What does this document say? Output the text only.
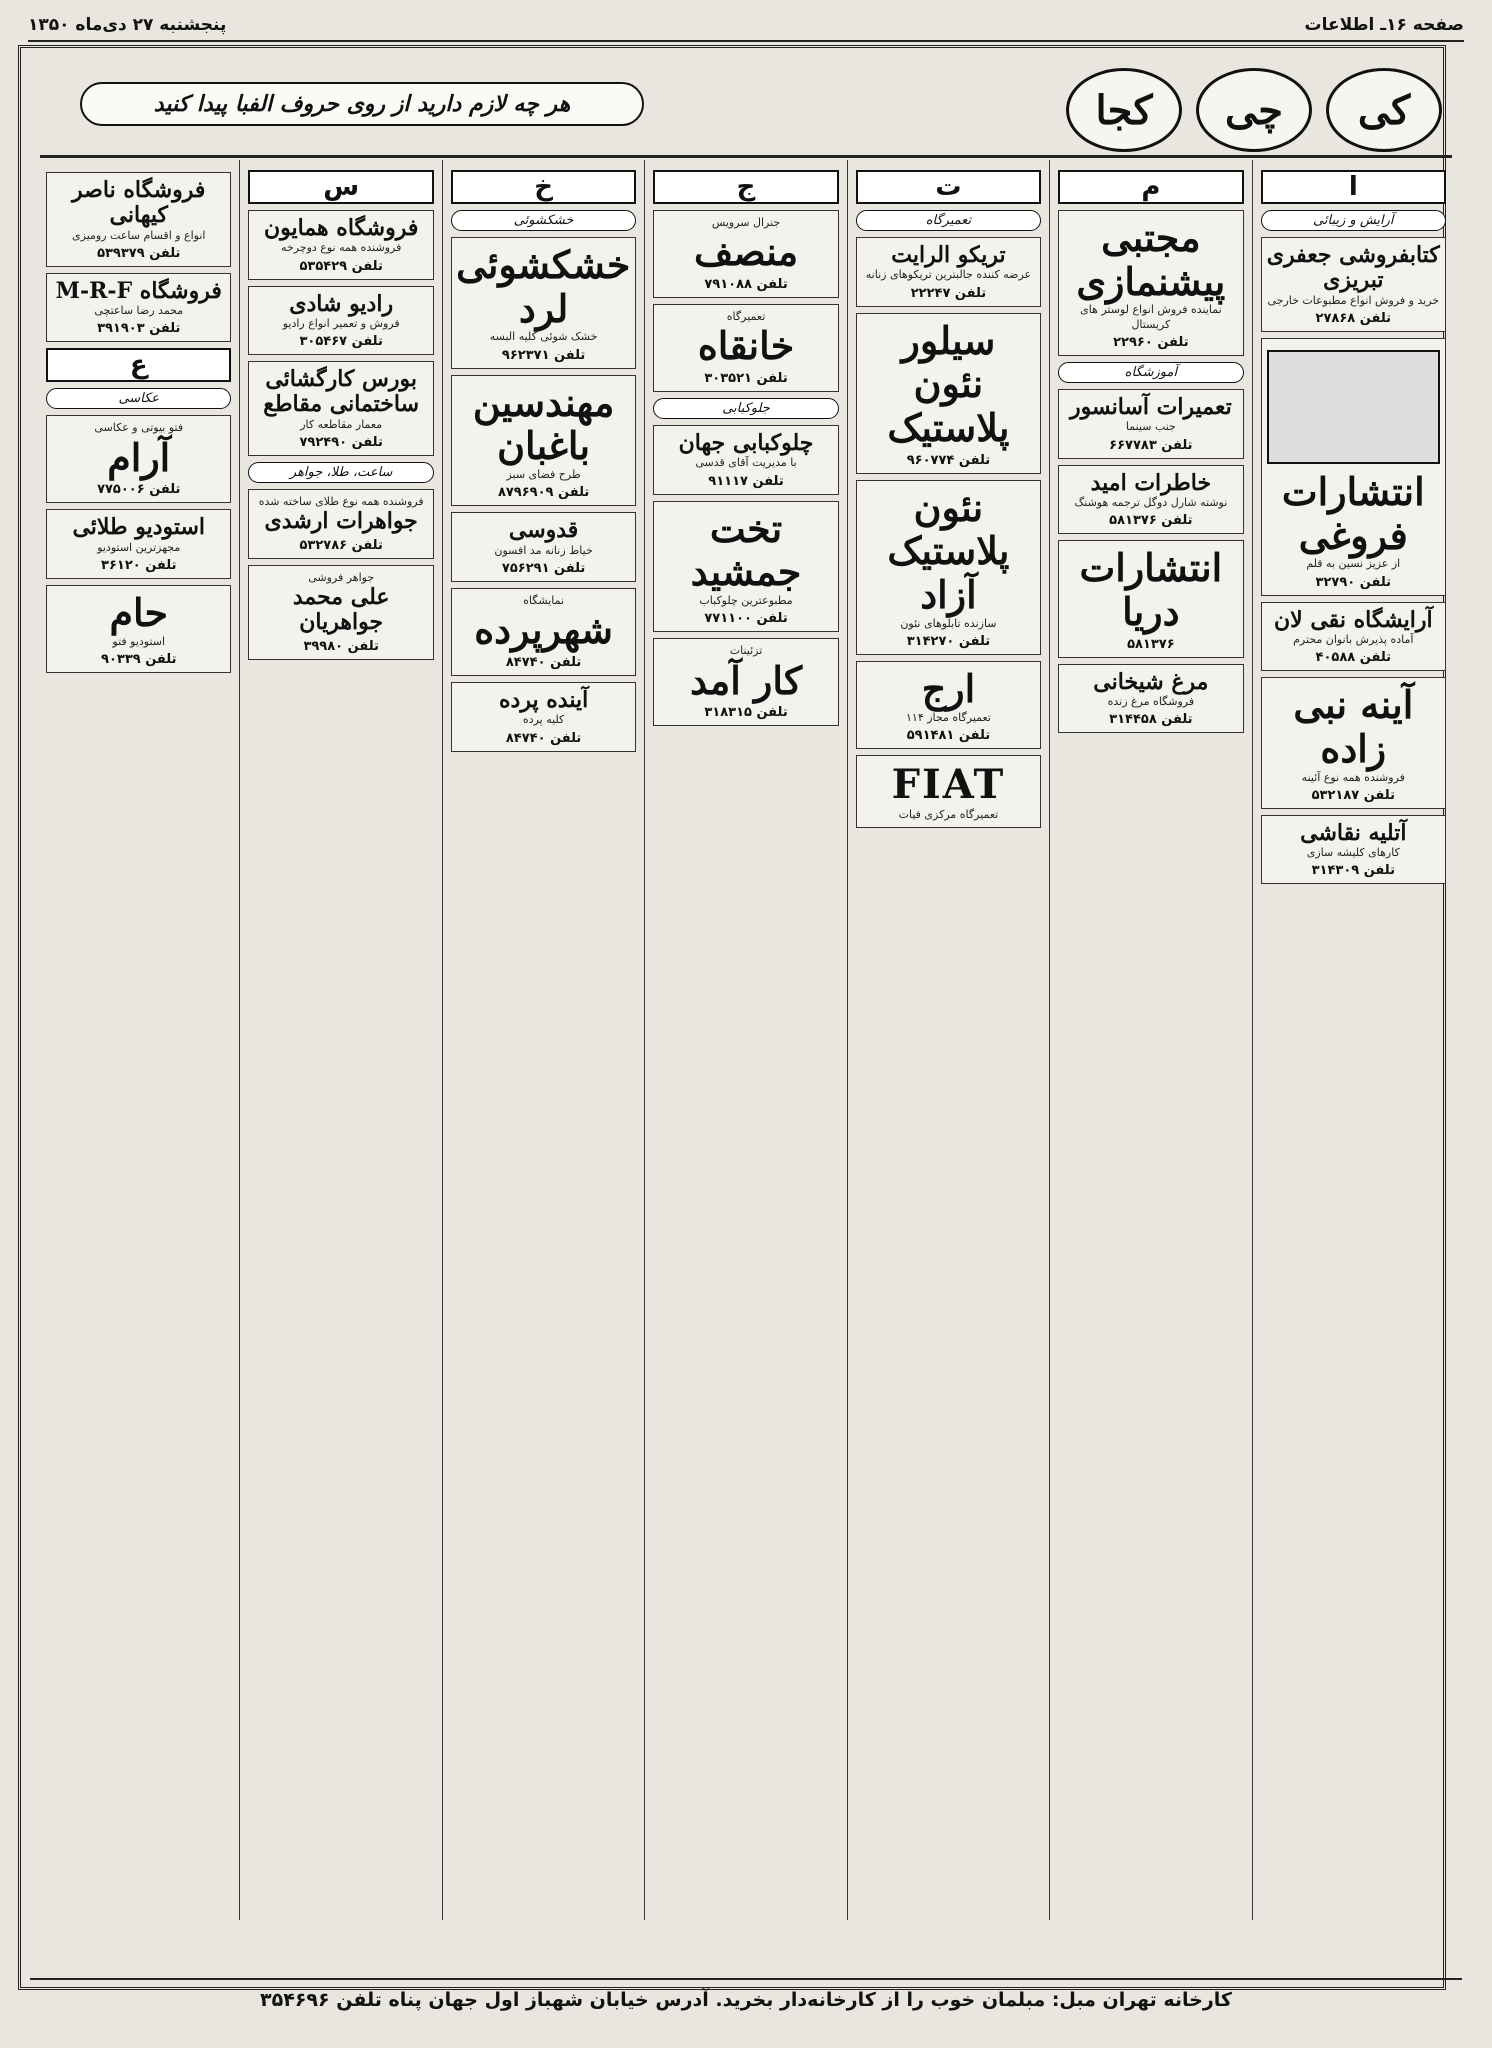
صفحه ۱۶ـ اطلاعات
پنجشنبه ۲۷ دی‌ماه ۱۳۵۰
کی
چی
کجا
هر چه لازم دارید از روی حروف الفبا پیدا کنید
ا
آرایش و زیبائی
کتابفروشی جعفری تبریزی
خرید و فروش انواع مطبوعات خارجی
تلفن ۲۷۸۶۸
انتشارات فروغی
از عزیز نسین به قلم
تلفن ۳۲۷۹۰
آرایشگاه نقی لان
آماده پذیرش بانوان محترم
تلفن ۴۰۵۸۸
آینه نبی زاده
فروشنده همه نوع آئینه
تلفن ۵۳۲۱۸۷
آتلیه نقاشی
کارهای کلیشه سازی
تلفن ۳۱۴۳۰۹
م
مجتبی پیشنمازی
نماینده فروش انواع لوستر های کریستال
تلفن ۲۲۹۶۰
آموزشگاه
تعمیرات آسانسور
جنب سینما
تلفن ۶۶۷۷۸۳
خاطرات امید
نوشته شارل دوگل ترجمه هوشنگ
تلفن ۵۸۱۳۷۶
انتشارات دریا
۵۸۱۳۷۶
مرغ شیخانی
فروشگاه مرغ زنده
تلفن ۳۱۴۴۵۸
ت
تعمیرگاه
تریکو الرایت
عرضه کننده جالبترین تریکوهای زنانه
تلفن ۲۲۲۴۷
سیلور نئون پلاستیک
تلفن ۹۶۰۷۷۴
نئون پلاستیک آزاد
سازنده تابلوهای نئون
تلفن ۳۱۴۲۷۰
ارج
تعمیرگاه مجاز ۱۱۴
تلفن ۵۹۱۴۸۱
FIAT
تعمیرگاه مرکزی فیات
ج
جنرال سرویس
منصف
تلفن ۷۹۱۰۸۸
تعمیرگاه
خانقاه
تلفن ۳۰۳۵۲۱
جلوکبابی
چلوکبابی جهان
با مدیریت آقای قدسی
تلفن ۹۱۱۱۷
تخت جمشید
مطبوعترین چلوکباب
تلفن ۷۷۱۱۰۰
تزئینات
کار آمد
تلفن ۳۱۸۳۱۵
خ
خشکشوئی
خشکشوئی لرد
خشک شوئی کلیه البسه
تلفن ۹۶۲۳۷۱
مهندسین باغبان
طرح فضای سبز
تلفن ۸۷۹۶۹۰۹
قدوسی
خیاط زنانه مد افسون
تلفن ۷۵۶۲۹۱
نمایشگاه
شهرپرده
تلفن ۸۴۷۴۰
آینده پرده
کلیه پرده
تلفن ۸۴۷۴۰
س
فروشگاه همایون
فروشنده همه نوع دوچرخه
تلفن ۵۳۵۴۲۹
رادیو شادی
فروش و تعمیر انواع رادیو
تلفن ۳۰۵۴۶۷
بورس کارگشائی ساختمانی مقاطع
معمار مقاطعه کار
تلفن ۷۹۲۴۹۰
ساعت، طلا، جواهر
فروشنده همه نوع طلای ساخته شده
جواهرات ارشدی
تلفن ۵۳۲۷۸۶
جواهر فروشی
علی محمد جواهریان
تلفن ۳۹۹۸۰
فروشگاه ناصر کیهانی
انواع و اقسام ساعت رومیزی
تلفن ۵۳۹۳۷۹
فروشگاه M-R-F
محمد رضا ساعتچی
تلفن ۳۹۱۹۰۳
ع
عکاسی
فتو بیوتی و عکاسی
آرام
تلفن ۷۷۵۰۰۶
استودیو طلائی
مجهزترین استودیو
تلفن ۳۶۱۲۰
حام
استودیو فتو
تلفن ۹۰۳۳۹
کارخانه تهران مبل: مبلمان خوب را از کارخانه‌دار بخرید. آدرس خیابان شهباز اول جهان پناه تلفن ۳۵۴۶۹۶
